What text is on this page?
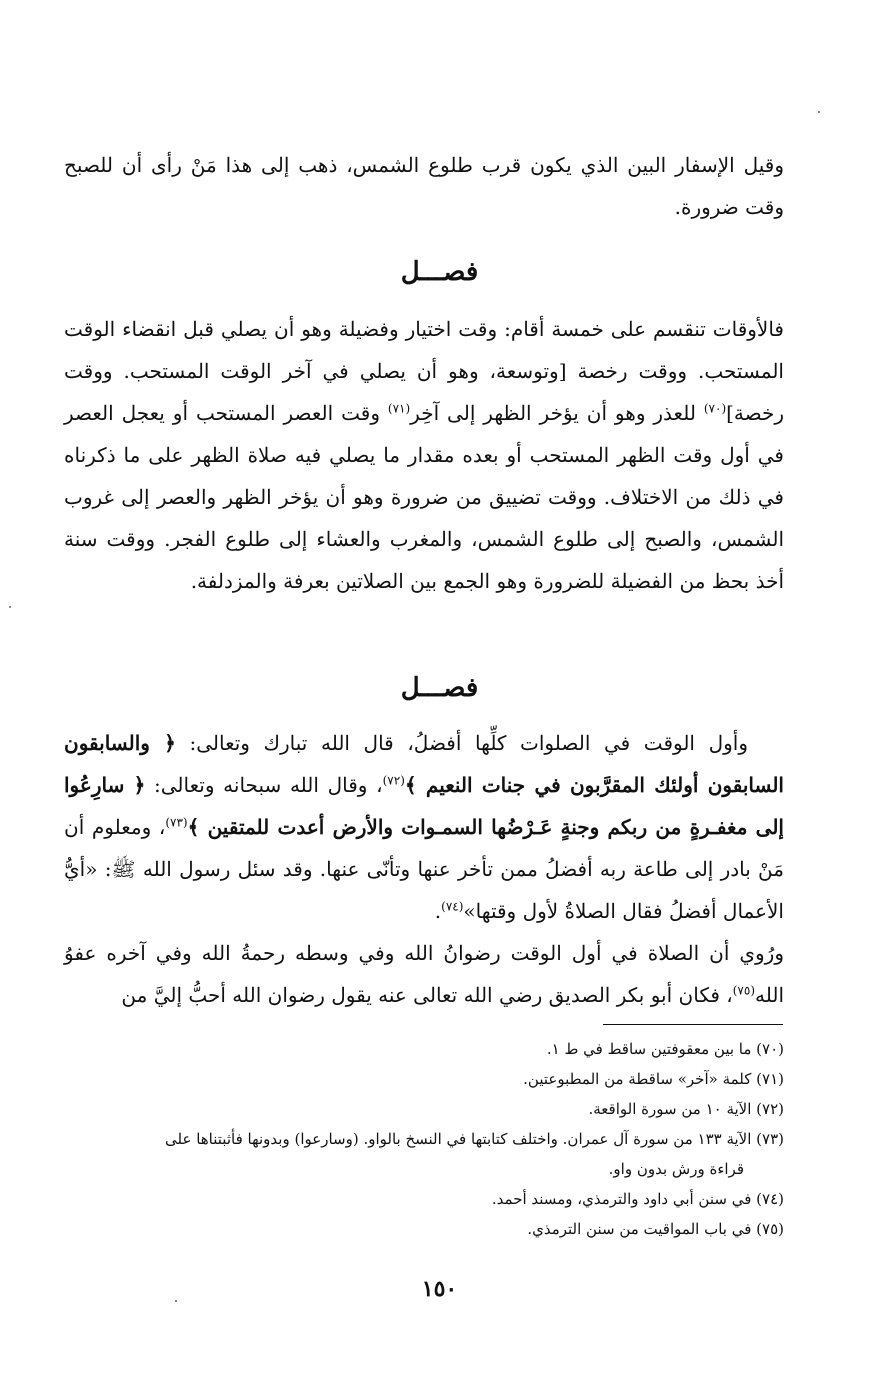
وقيل الإسفار البين الذي يكون قرب طلوع الشمس، ذهب إلى هذا مَنْ رأى أن للصبح وقت ضرورة.
فصـــل
فالأوقات تنقسم على خمسة أقام: وقت اختيار وفضيلة وهو أن يصلي قبل انقضاء الوقت المستحب. ووقت رخصة [وتوسعة، وهو أن يصلي في آخر الوقت المستحب. ووقت رخصة]$^{(٧٠)}$ للعذر وهو أن يؤخر الظهر إلى آخِر$^{(٧١)}$ وقت العصر المستحب أو يعجل العصر في أول وقت الظهر المستحب أو بعده مقدار ما يصلي فيه صلاة الظهر على ما ذكرناه في ذلك من الاختلاف. ووقت تضييق من ضرورة وهو أن يؤخر الظهر والعصر إلى غروب الشمس، والصبح إلى طلوع الشمس، والمغرب والعشاء إلى طلوع الفجر. ووقت سنة أخذ بحظ من الفضيلة للضرورة وهو الجمع بين الصلاتين بعرفة والمزدلفة.
فصـــل

وأول الوقت في الصلوات كلِّها أفضلُ، قال الله تبارك وتعالى: ﴿ والسابقون السابقون أولئك المقرَّبون في جنات النعيم ﴾$^{(٧٢)}$، وقال الله سبحانه وتعالى: ﴿ سارِعُوا إلى مغفـرةٍ من ربكم وجنةٍ عَـرْضُها السمـوات والأرض أعدت للمتقين ﴾$^{(٧٣)}$، ومعلوم أن مَنْ بادر إلى طاعة ربه أفضلُ ممن تأخر عنها وتأنّى عنها. وقد سئل رسول الله ﷺ: «أيُّ الأعمال أفضلُ فقال الصلاةُ لأول وقتها»$^{(٧٤)}$.

ورُوي أن الصلاة في أول الوقت رضوانُ الله وفي وسطه رحمةُ الله وفي آخره عفوُ الله$^{(٧٥)}$، فكان أبو بكر الصديق رضي الله تعالى عنه يقول رضوان الله أحبُّ إليَّ من

(٧٠) ما بين معقوفتين ساقط في ط ١.

(٧١) كلمة «آخر» ساقطة من المطبوعتين.

(٧٢) الآية ١٠ من سورة الواقعة.

(٧٣) الآية ١٣٣ من سورة آل عمران. واختلف كتابتها في النسخ بالواو. (وسارعوا) وبدونها فأثبتناها على

قراءة ورش بدون واو.

(٧٤) في سنن أبي داود والترمذي، ومسند أحمد.

(٧٥) في باب المواقيت من سنن الترمذي.

١٥٠
